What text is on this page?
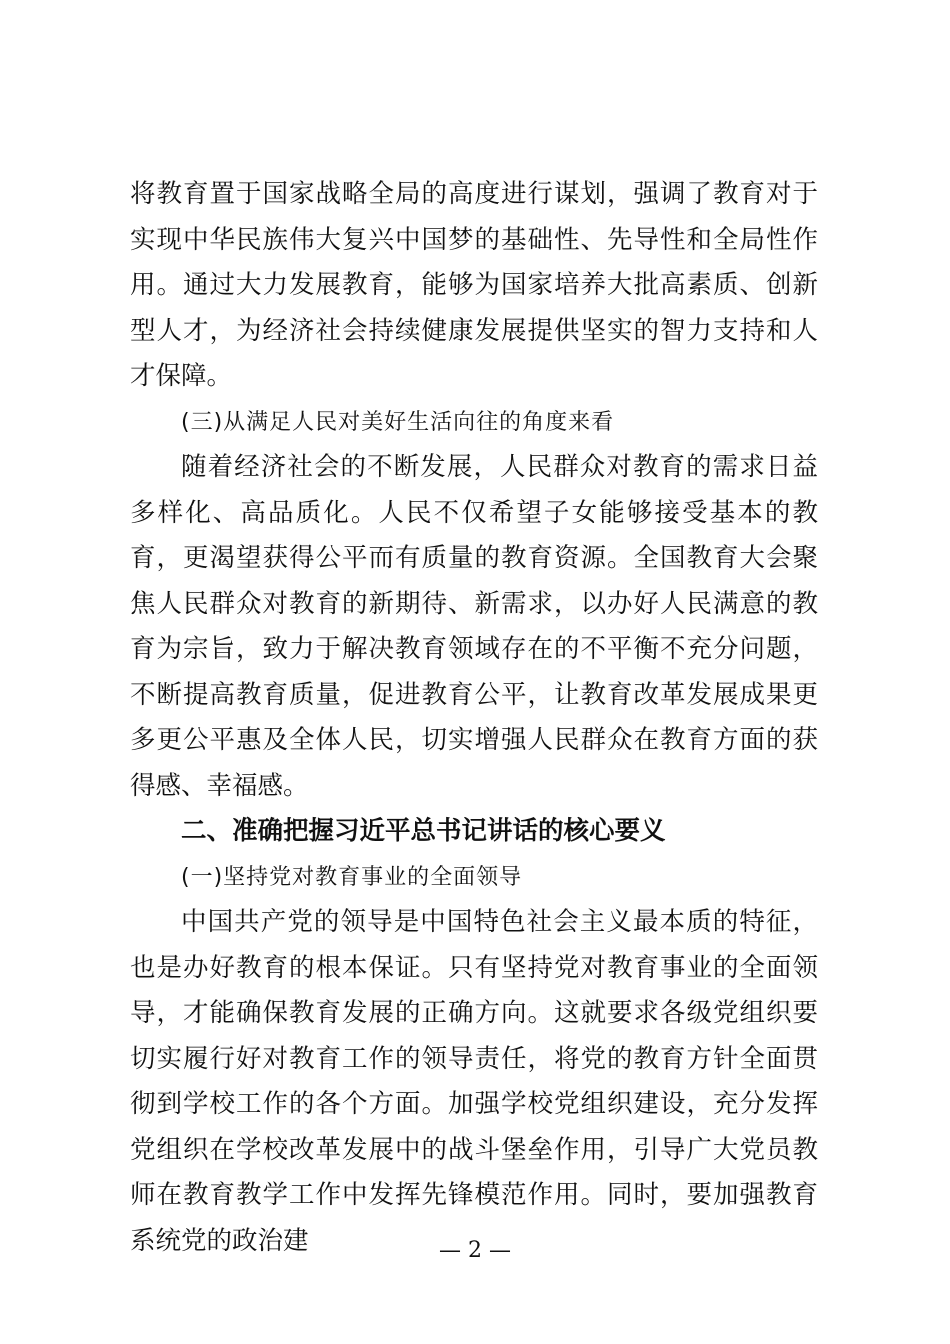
将教育置于国家战略全局的高度进行谋划，强调了教育对于实现中华民族伟大复兴中国梦的基础性、先导性和全局性作用。通过大力发展教育，能够为国家培养大批高素质、创新型人才，为经济社会持续健康发展提供坚实的智力支持和人才保障。

(三)从满足人民对美好生活向往的角度来看

随着经济社会的不断发展，人民群众对教育的需求日益多样化、高品质化。人民不仅希望子女能够接受基本的教育，更渴望获得公平而有质量的教育资源。全国教育大会聚焦人民群众对教育的新期待、新需求，以办好人民满意的教育为宗旨，致力于解决教育领域存在的不平衡不充分问题，不断提高教育质量，促进教育公平，让教育改革发展成果更多更公平惠及全体人民，切实增强人民群众在教育方面的获得感、幸福感。

二、准确把握习近平总书记讲话的核心要义

(一)坚持党对教育事业的全面领导

中国共产党的领导是中国特色社会主义最本质的特征，也是办好教育的根本保证。只有坚持党对教育事业的全面领导，才能确保教育发展的正确方向。这就要求各级党组织要切实履行好对教育工作的领导责任，将党的教育方针全面贯彻到学校工作的各个方面。加强学校党组织建设，充分发挥党组织在学校改革发展中的战斗堡垒作用，引导广大党员教师在教育教学工作中发挥先锋模范作用。同时，要加强教育系统党的政治建	— 2 —
